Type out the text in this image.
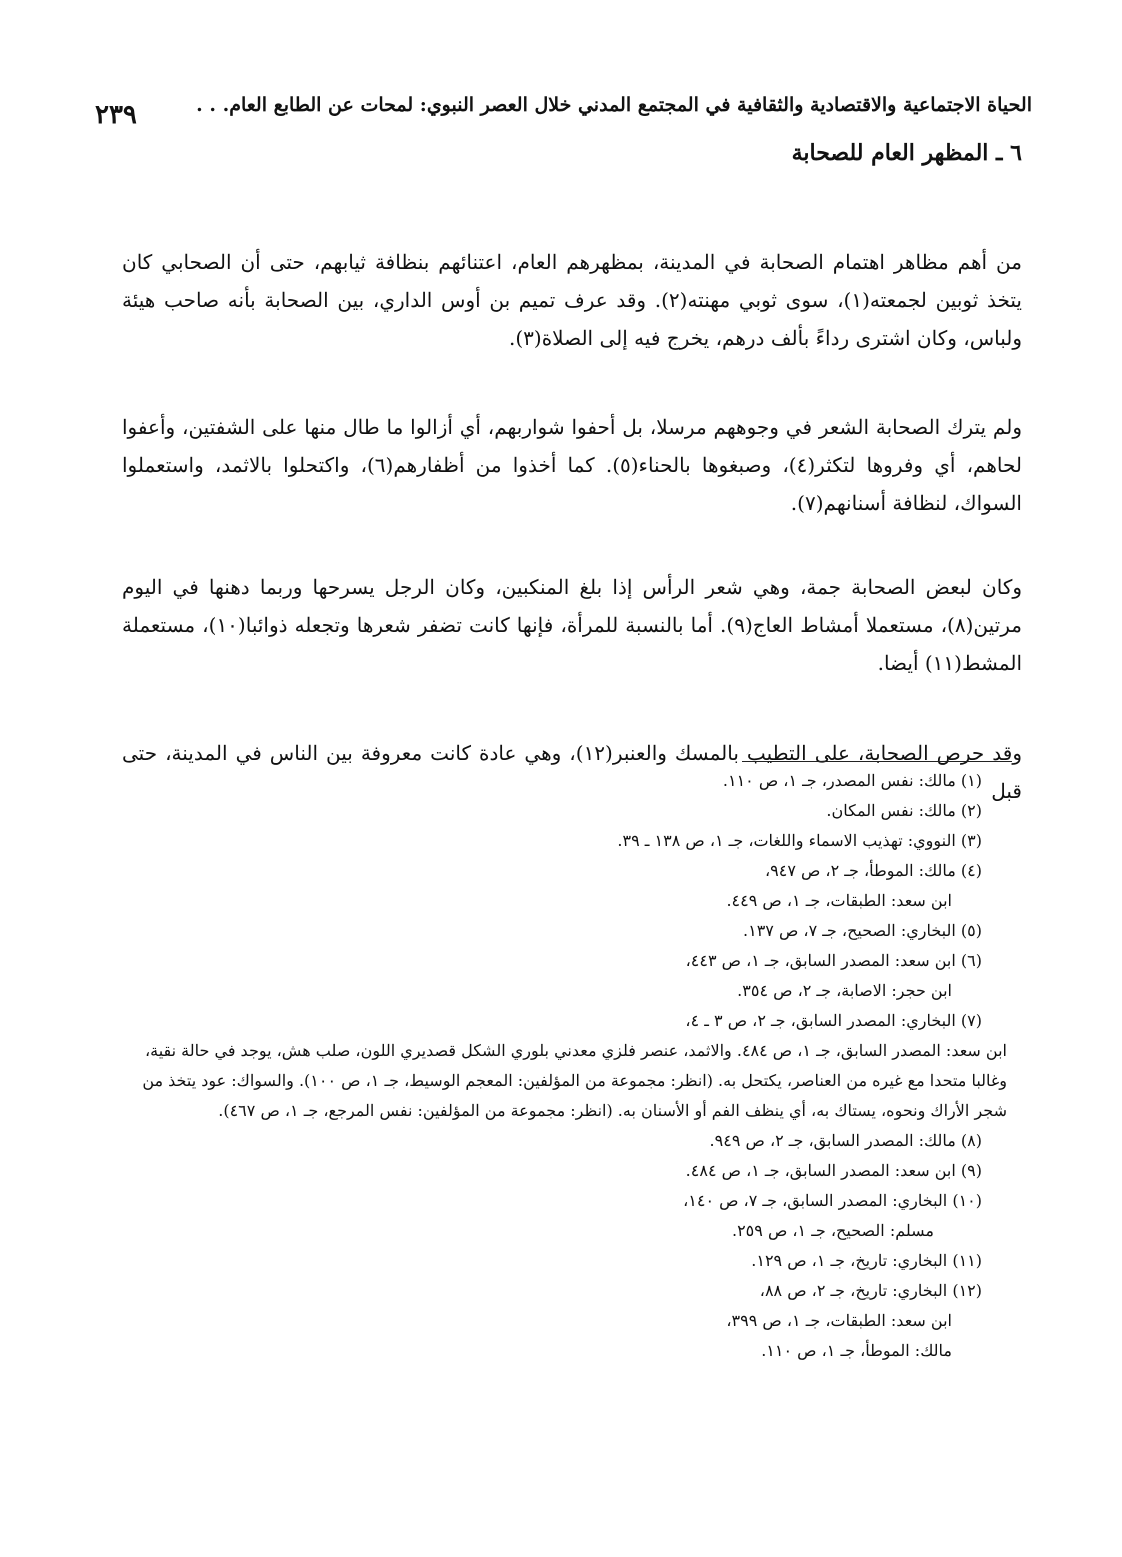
٢٣٩	الحياة الاجتماعية والاقتصادية والثقافية في المجتمع المدني خلال العصر النبوي: لمحات عن الطابع العام. . .
٦ ـ المظهر العام للصحابة

من أهم مظاهر اهتمام الصحابة في المدينة، بمظهرهم العام، اعتنائهم بنظافة ثيابهم، حتى أن الصحابي كان يتخذ ثوبين لجمعته(١)، سوى ثوبي مهنته(٢). وقد عرف تميم بن أوس الداري، بين الصحابة بأنه صاحب هيئة ولباس، وكان اشترى رداءً بألف درهم، يخرج فيه إلى الصلاة(٣).

ولم يترك الصحابة الشعر في وجوههم مرسلا، بل أحفوا شواربهم، أي أزالوا ما طال منها على الشفتين، وأعفوا لحاهم، أي وفروها لتكثر(٤)، وصبغوها بالحناء(٥). كما أخذوا من أظفارهم(٦)، واكتحلوا بالاثمد، واستعملوا السواك، لنظافة أسنانهم(٧).

وكان لبعض الصحابة جمة، وهي شعر الرأس إذا بلغ المنكبين، وكان الرجل يسرحها وربما دهنها في اليوم مرتين(٨)، مستعملا أمشاط العاج(٩). أما بالنسبة للمرأة، فإنها كانت تضفر شعرها وتجعله ذوائبا(١٠)، مستعملة المشط(١١) أيضا.

وقد حرص الصحابة، على التطيب بالمسك والعنبر(١٢)، وهي عادة كانت معروفة بين الناس في المدينة، حتى قبل

(١) مالك: نفس المصدر، جـ ١، ص ١١٠.
(٢) مالك: نفس المكان.
(٣) النووي: تهذيب الاسماء واللغات، جـ ١، ص ١٣٨ ـ ٣٩.
(٤) مالك: الموطأ، جـ ٢، ص ٩٤٧،
ابن سعد: الطبقات، جـ ١، ص ٤٤٩.
(٥) البخاري: الصحيح، جـ ٧، ص ١٣٧.
(٦) ابن سعد: المصدر السابق، جـ ١، ص ٤٤٣،
ابن حجر: الاصابة، جـ ٢، ص ٣٥٤.
(٧) البخاري: المصدر السابق، جـ ٢، ص ٣ ـ ٤،
ابن سعد: المصدر السابق، جـ ١، ص ٤٨٤. والاثمد، عنصر فلزي معدني بلوري الشكل قصديري اللون، صلب هش، يوجد في حالة نقية، وغالبا متحدا مع غيره من العناصر، يكتحل به. (انظر: مجموعة من المؤلفين: المعجم الوسيط، جـ ١، ص ١٠٠). والسواك: عود يتخذ من شجر الأراك ونحوه، يستاك به، أي ينظف الفم أو الأسنان به. (انظر: مجموعة من المؤلفين: نفس المرجع، جـ ١، ص ٤٦٧).
(٨) مالك: المصدر السابق، جـ ٢، ص ٩٤٩.
(٩) ابن سعد: المصدر السابق، جـ ١، ص ٤٨٤.
(١٠) البخاري: المصدر السابق، جـ ٧، ص ١٤٠،
مسلم: الصحيح، جـ ١، ص ٢٥٩.
(١١) البخاري: تاريخ، جـ ١، ص ١٢٩.
(١٢) البخاري: تاريخ، جـ ٢، ص ٨٨،
ابن سعد: الطبقات، جـ ١، ص ٣٩٩،
مالك: الموطأ، جـ ١، ص ١١٠.
